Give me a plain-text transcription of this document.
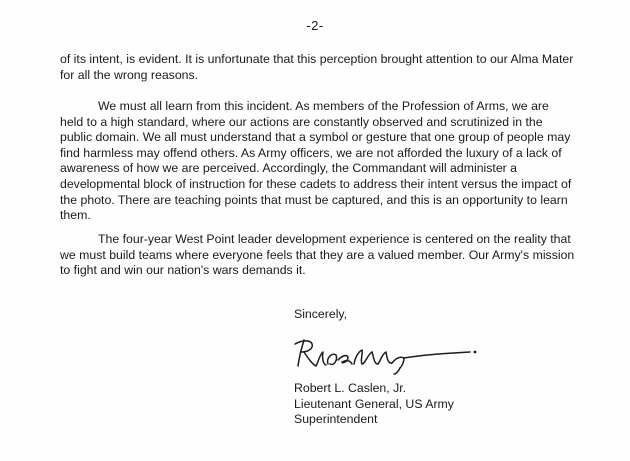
-2-

of its intent, is evident. It is unfortunate that this perception brought attention to our Alma Mater for all the wrong reasons.

We must all learn from this incident. As members of the Profession of Arms, we are held to a high standard, where our actions are constantly observed and scrutinized in the public domain. We all must understand that a symbol or gesture that one group of people may find harmless may offend others. As Army officers, we are not afforded the luxury of a lack of awareness of how we are perceived. Accordingly, the Commandant will administer a developmental block of instruction for these cadets to address their intent versus the impact of the photo. There are teaching points that must be captured, and this is an opportunity to learn them.

The four-year West Point leader development experience is centered on the reality that we must build teams where everyone feels that they are a valued member. Our Army's mission to fight and win our nation's wars demands it.

Sincerely,
Robert L. Caslen, Jr.
Lieutenant General, US Army
Superintendent
